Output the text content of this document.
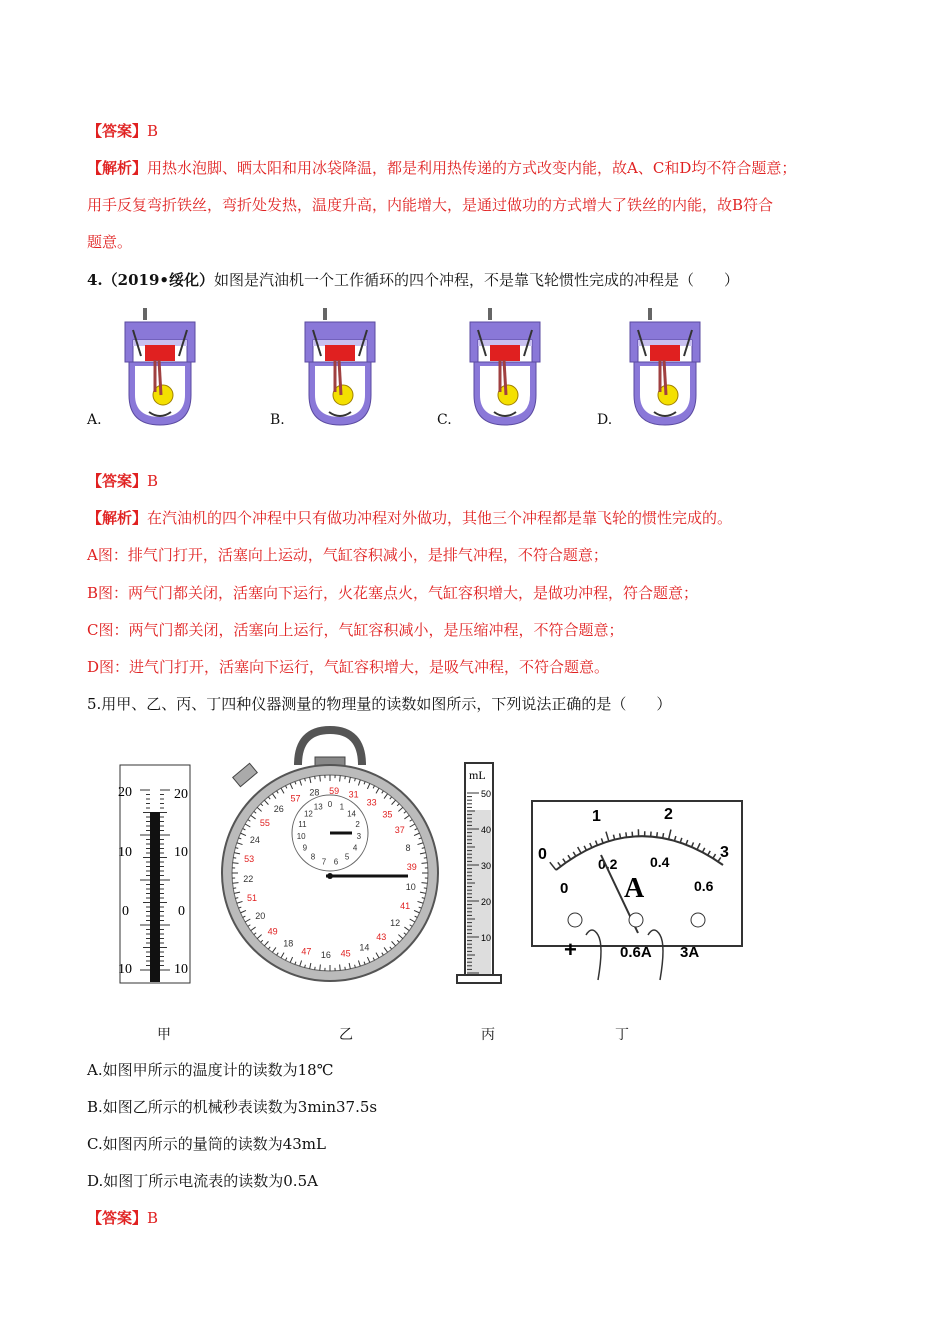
【答案】B
【解析】用热水泡脚、晒太阳和用冰袋降温，都是利用热传递的方式改变内能，故A、C和D均不符合题意；
用手反复弯折铁丝，弯折处发热，温度升高，内能增大，是通过做功的方式增大了铁丝的内能，故B符合
题意。
4.（2019•绥化）如图是汽油机一个工作循环的四个冲程，不是靠飞轮惯性完成的冲程是（　　）
A.	B.	C.	D.
【答案】B
【解析】在汽油机的四个冲程中只有做功冲程对外做功，其他三个冲程都是靠飞轮的惯性完成的。
A图：排气门打开，活塞向上运动，气缸容积减小，是排气冲程，不符合题意；
B图：两气门都关闭，活塞向下运行，火花塞点火，气缸容积增大，是做功冲程，符合题意；
C图：两气门都关闭，活塞向上运行，气缸容积减小，是压缩冲程，不符合题意；
D图：进气门打开，活塞向下运行，气缸容积增大，是吸气冲程，不符合题意。
5.用甲、乙、丙、丁四种仪器测量的物理量的读数如图所示，下列说法正确的是（　　）
20	20
10	10
0	0
10	10
59 31
33
35
37
8
39
10
41
12
43
14
45
16
47
18
49
20
51
22
53
24
55
26
57
28
0 1
14
2
3
4
5
6
7
8
9
10
11
12
13
mL
50
40
30
20
10
0
1	2
3
0
0.2 0.4
0.6
A
+	0.6A 3A
甲	乙	丙	丁
A.如图甲所示的温度计的读数为18℃
B.如图乙所示的机械秒表读数为3min37.5s
C.如图丙所示的量筒的读数为43mL
D.如图丁所示电流表的读数为0.5A
【答案】B
